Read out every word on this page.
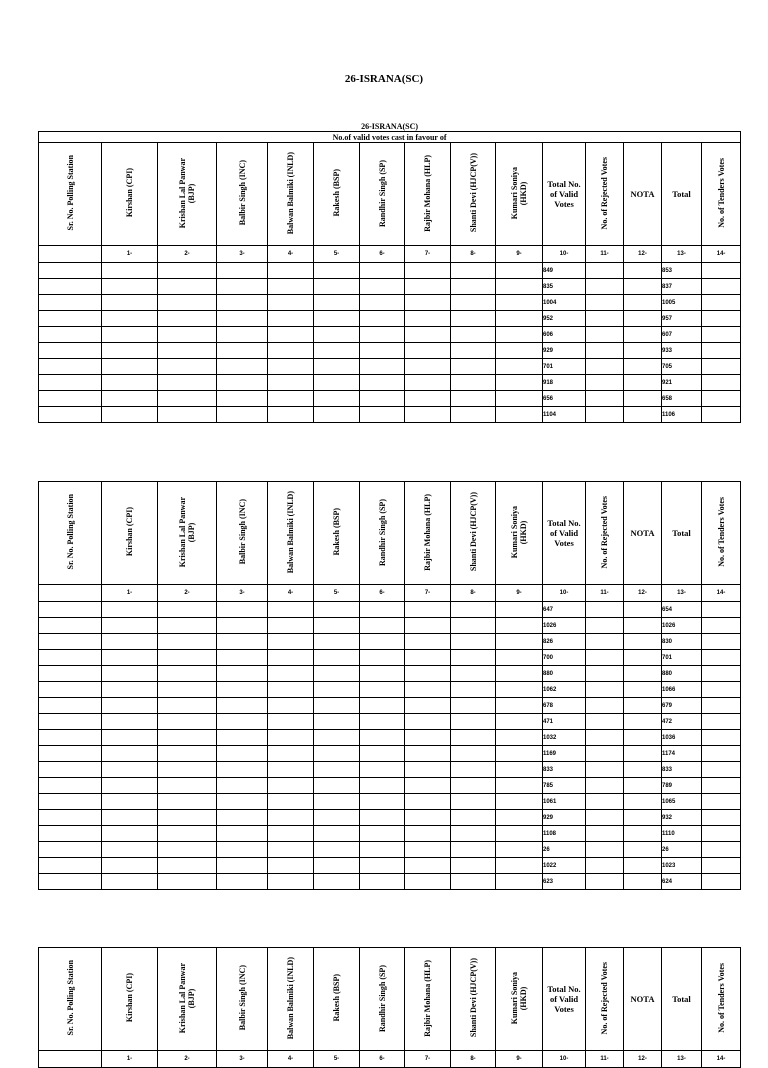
26-ISRANA(SC)
26-ISRANA(SC)														
No.of valid votes cast in favour of														
Sr. No. Polling Station	Kirshan (CPI)	Krishan Lal Panwar
(BJP)	Balbir Singh (INC)	Balwan Balmiki (INLD)	Rakesh (BSP)	Randhir Singh (SP)	Rajbir Mohana (HLP)	Shanti Devi (HJCP(V))	Kumari Soniya
(HKD)	Total No. of Valid Votes	No. of Rejected Votes	NOTA	Total	No. of Tenders Votes
	1-	2-	3-	4-	5-	6-	7-	8-	9-	10-	11-	12-	13-	14-
										849			853	
										835			837	
										1004			1005	
										952			957	
										606			607	
										929			933	
										701			705	
										918			921	
										656			658	
										1104			1106	
Sr. No. Polling Station	Kirshan (CPI)	Krishan Lal Panwar
(BJP)	Balbir Singh (INC)	Balwan Balmiki (INLD)	Rakesh (BSP)	Randhir Singh (SP)	Rajbir Mohana (HLP)	Shanti Devi (HJCP(V))	Kumari Soniya
(HKD)	Total No. of Valid Votes	No. of Rejected Votes	NOTA	Total	No. of Tenders Votes
	1-	2-	3-	4-	5-	6-	7-	8-	9-	10-	11-	12-	13-	14-
										647			654	
										1026			1026	
										826			830	
										700			701	
										880			880	
										1062			1066	
										678			679	
										471			472	
										1032			1036	
										1169			1174	
										833			833	
										785			789	
										1061			1065	
										929			932	
										1108			1110	
										26			26	
										1022			1023	
										623			624	
Sr. No. Polling Station	Kirshan (CPI)	Krishan Lal Panwar
(BJP)	Balbir Singh (INC)	Balwan Balmiki (INLD)	Rakesh (BSP)	Randhir Singh (SP)	Rajbir Mohana (HLP)	Shanti Devi (HJCP(V))	Kumari Soniya
(HKD)	Total No. of Valid Votes	No. of Rejected Votes	NOTA	Total	No. of Tenders Votes
	1-	2-	3-	4-	5-	6-	7-	8-	9-	10-	11-	12-	13-	14-
